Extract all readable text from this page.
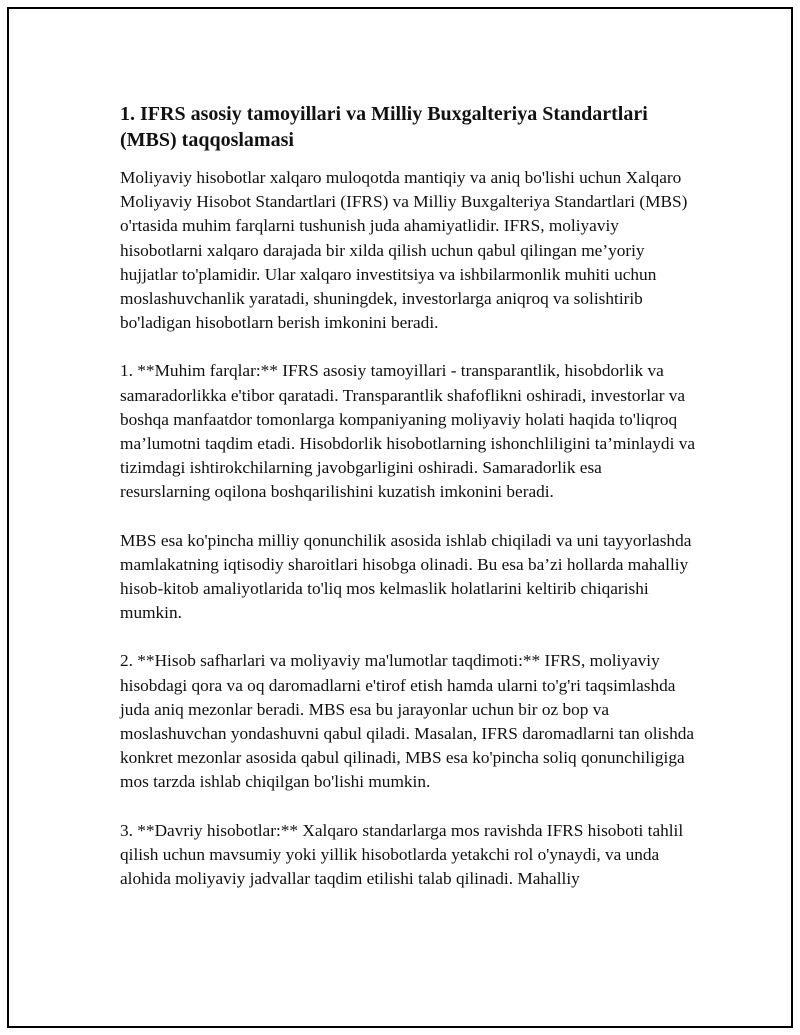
1. IFRS asosiy tamoyillari va Milliy Buxgalteriya Standartlari (MBS) taqqoslamasi

Moliyaviy hisobotlar xalqaro muloqotda mantiqiy va aniq bo'lishi uchun Xalqaro Moliyaviy Hisobot Standartlari (IFRS) va Milliy Buxgalteriya Standartlari (MBS) o'rtasida muhim farqlarni tushunish juda ahamiyatlidir. IFRS, moliyaviy hisobotlarni xalqaro darajada bir xilda qilish uchun qabul qilingan me’yoriy hujjatlar to'plamidir. Ular xalqaro investitsiya va ishbilarmonlik muhiti uchun moslashuvchanlik yaratadi, shuningdek, investorlarga aniqroq va solishtirib bo'ladigan hisobotlarn berish imkonini beradi.

1. **Muhim farqlar:** IFRS asosiy tamoyillari - transparantlik, hisobdorlik va samaradorlikka e'tibor qaratadi. Transparantlik shafoflikni oshiradi, investorlar va boshqa manfaatdor tomonlarga kompaniyaning moliyaviy holati haqida to'liqroq ma’lumotni taqdim etadi. Hisobdorlik hisobotlarning ishonchliligini ta’minlaydi va tizimdagi ishtirokchilarning javobgarligini oshiradi. Samaradorlik esa resurslarning oqilona boshqarilishini kuzatish imkonini beradi.

MBS esa ko'pincha milliy qonunchilik asosida ishlab chiqiladi va uni tayyorlashda mamlakatning iqtisodiy sharoitlari hisobga olinadi. Bu esa ba’zi hollarda mahalliy hisob-kitob amaliyotlarida to'liq mos kelmaslik holatlarini keltirib chiqarishi mumkin.

2. **Hisob safharlari va moliyaviy ma'lumotlar taqdimoti:** IFRS, moliyaviy hisobdagi qora va oq daromadlarni e'tirof etish hamda ularni to'g'ri taqsimlashda juda aniq mezonlar beradi. MBS esa bu jarayonlar uchun bir oz bop va moslashuvchan yondashuvni qabul qiladi. Masalan, IFRS daromadlarni tan olishda konkret mezonlar asosida qabul qilinadi, MBS esa ko'pincha soliq qonunchiligiga mos tarzda ishlab chiqilgan bo'lishi mumkin.

3. **Davriy hisobotlar:** Xalqaro standarlarga mos ravishda IFRS hisoboti tahlil qilish uchun mavsumiy yoki yillik hisobotlarda yetakchi rol o'ynaydi, va unda alohida moliyaviy jadvallar taqdim etilishi talab qilinadi. Mahalliy
